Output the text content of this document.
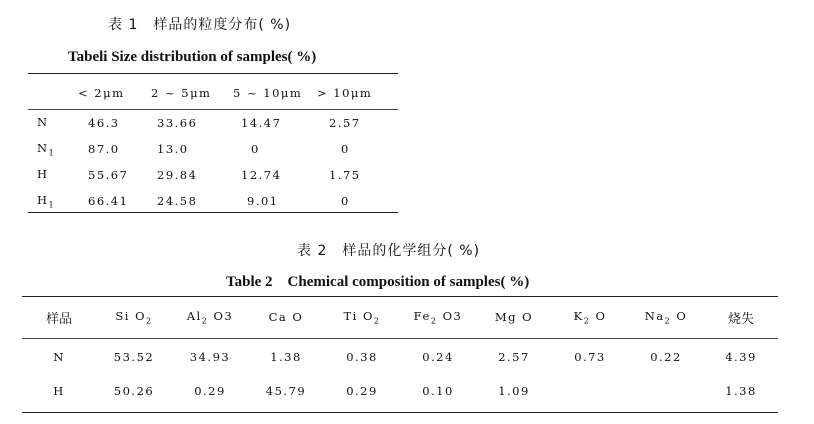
表 1　样品的粒度分布( %)
Tabeli Size distribution of samples( %)
	< 2μm	2 ~ 5μm	5 ~ 10μm	> 10μm
N	46.3	33.66	14.47	2.57
$N_1$	87.0	13.0	0	0
H	55.67	29.84	12.74	1.75
$H_1$	66.41	24.58	9.01	0
表 2　样品的化学组分( %)
Table 2　Chemical composition of samples( %)
样品	Si $O_2$	$Al_2$ O3	Ca O	Ti $O_2$	$Fe_2$ O3	Mg O	$K_2$ O	$Na_2$ O	烧失
N	53.52	34.93	1.38	0.38	0.24	2.57	0.73	0.22	4.39
H	50.26	0.29	45.79	0.29	0.10	1.09			1.38
